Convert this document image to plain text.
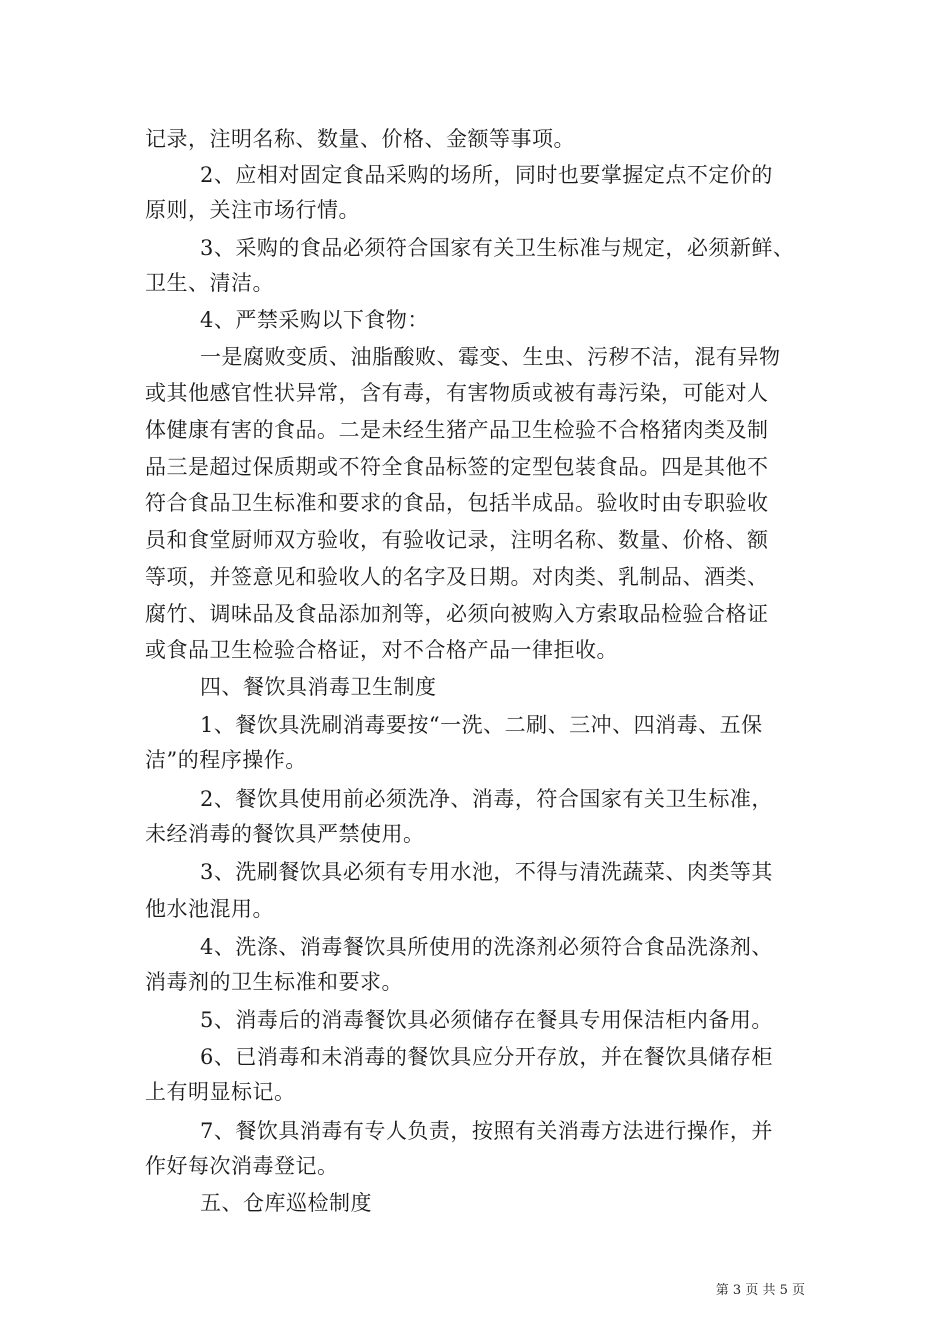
记录，注明名称、数量、价格、金额等事项。
2、应相对固定食品采购的场所，同时也要掌握定点不定价的
原则，关注市场行情。
3、采购的食品必须符合国家有关卫生标准与规定，必须新鲜、
卫生、清洁。
4、严禁采购以下食物：
一是腐败变质、油脂酸败、霉变、生虫、污秽不洁，混有异物
或其他感官性状异常，含有毒，有害物质或被有毒污染，可能对人
体健康有害的食品。二是未经生猪产品卫生检验不合格猪肉类及制
品三是超过保质期或不符全食品标签的定型包装食品。四是其他不
符合食品卫生标准和要求的食品，包括半成品。验收时由专职验收
员和食堂厨师双方验收，有验收记录，注明名称、数量、价格、额
等项，并签意见和验收人的名字及日期。对肉类、乳制品、酒类、
腐竹、调味品及食品添加剂等，必须向被购入方索取品检验合格证
或食品卫生检验合格证，对不合格产品一律拒收。
四、餐饮具消毒卫生制度
1、餐饮具洗刷消毒要按“一洗、二刷、三冲、四消毒、五保
洁”的程序操作。
2、餐饮具使用前必须洗净、消毒，符合国家有关卫生标准，
未经消毒的餐饮具严禁使用。
3、洗刷餐饮具必须有专用水池，不得与清洗蔬菜、肉类等其
他水池混用。
4、洗涤、消毒餐饮具所使用的洗涤剂必须符合食品洗涤剂、
消毒剂的卫生标准和要求。
5、消毒后的消毒餐饮具必须储存在餐具专用保洁柜内备用。
6、已消毒和未消毒的餐饮具应分开存放，并在餐饮具储存柜
上有明显标记。
7、餐饮具消毒有专人负责，按照有关消毒方法进行操作，并
作好每次消毒登记。
五、仓库巡检制度
第 3 页 共 5 页
